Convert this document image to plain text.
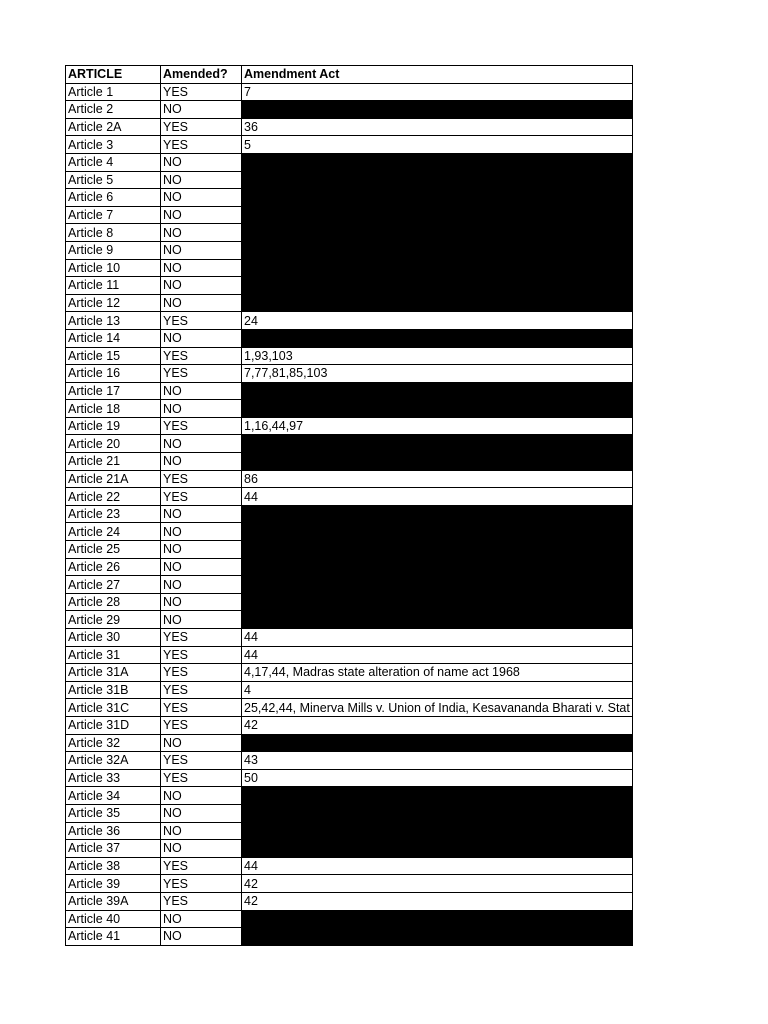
ARTICLE	Amended?	Amendment Act
Article 1	YES	7
Article 2	NO	
Article 2A	YES	36
Article 3	YES	5
Article 4	NO	
Article 5	NO	
Article 6	NO	
Article 7	NO	
Article 8	NO	
Article 9	NO	
Article 10	NO	
Article 11	NO	
Article 12	NO	
Article 13	YES	24
Article 14	NO	
Article 15	YES	1,93,103
Article 16	YES	7,77,81,85,103
Article 17	NO	
Article 18	NO	
Article 19	YES	1,16,44,97
Article 20	NO	
Article 21	NO	
Article 21A	YES	86
Article 22	YES	44
Article 23	NO	
Article 24	NO	
Article 25	NO	
Article 26	NO	
Article 27	NO	
Article 28	NO	
Article 29	NO	
Article 30	YES	44
Article 31	YES	44
Article 31A	YES	4,17,44, Madras state alteration of name act 1968
Article 31B	YES	4
Article 31C	YES	25,42,44, Minerva Mills v. Union of India, Kesavananda Bharati v. Stat
Article 31D	YES	42
Article 32	NO	
Article 32A	YES	43
Article 33	YES	50
Article 34	NO	
Article 35	NO	
Article 36	NO	
Article 37	NO	
Article 38	YES	44
Article 39	YES	42
Article 39A	YES	42
Article 40	NO	
Article 41	NO	
